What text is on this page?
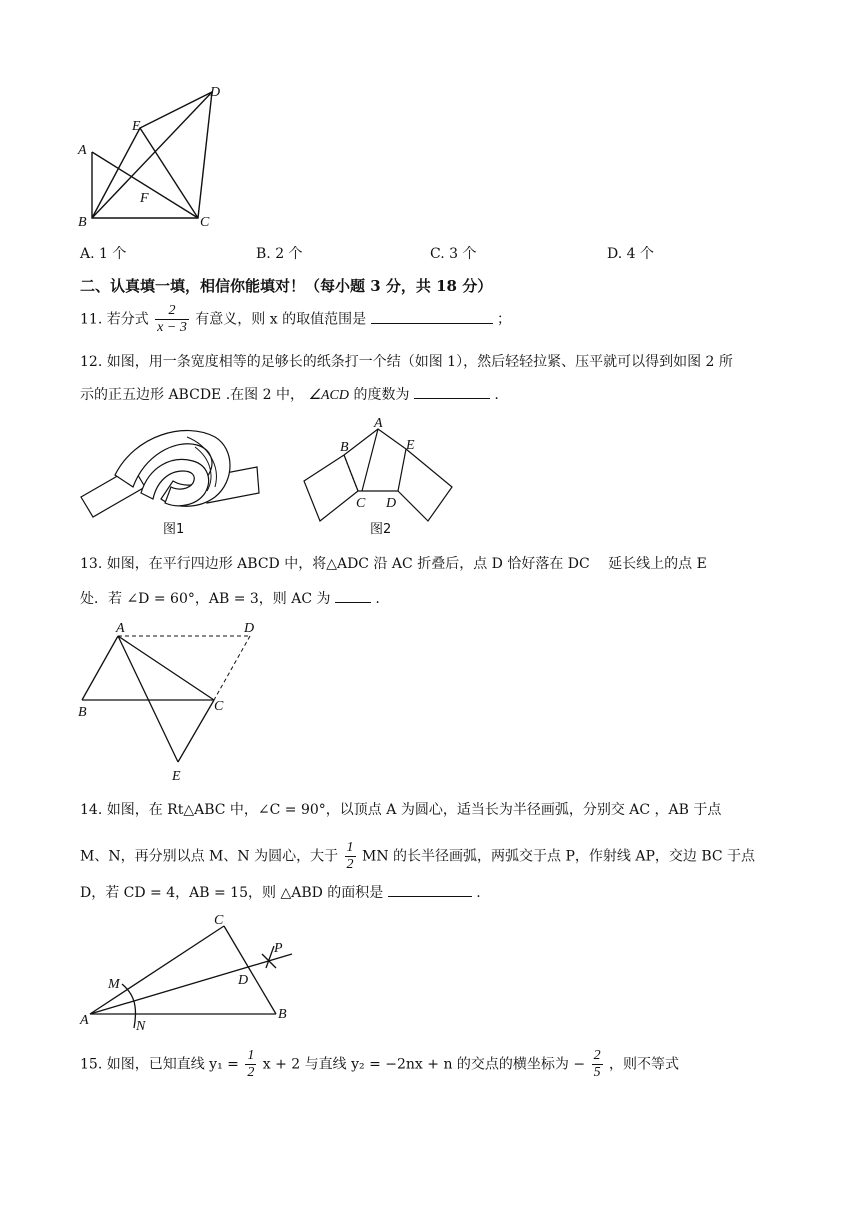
A
B	C
D
E
F
A. 1 个	B. 2 个	C. 3 个	D. 4 个
二、认真填一填，相信你能填对！（每小题 3 分，共 18 分）
11. 若分式 $\frac{2}{x - 3}$ 有意义，则 x 的取值范围是	；
12. 如图，用一条宽度相等的足够长的纸条打一个结（如图 1），然后轻轻拉紧、压平就可以得到如图 2 所
示的正五边形 ABCDE .在图 2 中， ∠ACD 的度数为	.
图1
A
B
C D
E
图2
13. 如图，在平行四边形 ABCD 中，将△ADC 沿 AC 折叠后，点 D 恰好落在 DC　 延长线上的点 E
处．若 ∠D = 60°，AB = 3，则 AC 为	.
A	D
B	C
E
14. 如图，在 Rt△ABC 中，∠C = 90°，以顶点 A 为圆心，适当长为半径画弧，分别交 AC ，AB 于点
M、N，再分别以点 M、N 为圆心，大于 $\frac{1}{2}$ MN 的长半径画弧，两弧交于点 P，作射线 AP，交边 BC 于点
D，若 CD = 4，AB = 15，则 △ABD 的面积是	.
C
P
M	D
A	N
B
15. 如图，已知直线 $y_1 = \frac{1}{2}$ x + 2 与直线 y₂ = −2nx + n 的交点的横坐标为 − $\frac{2}{5}$ ，则不等式
